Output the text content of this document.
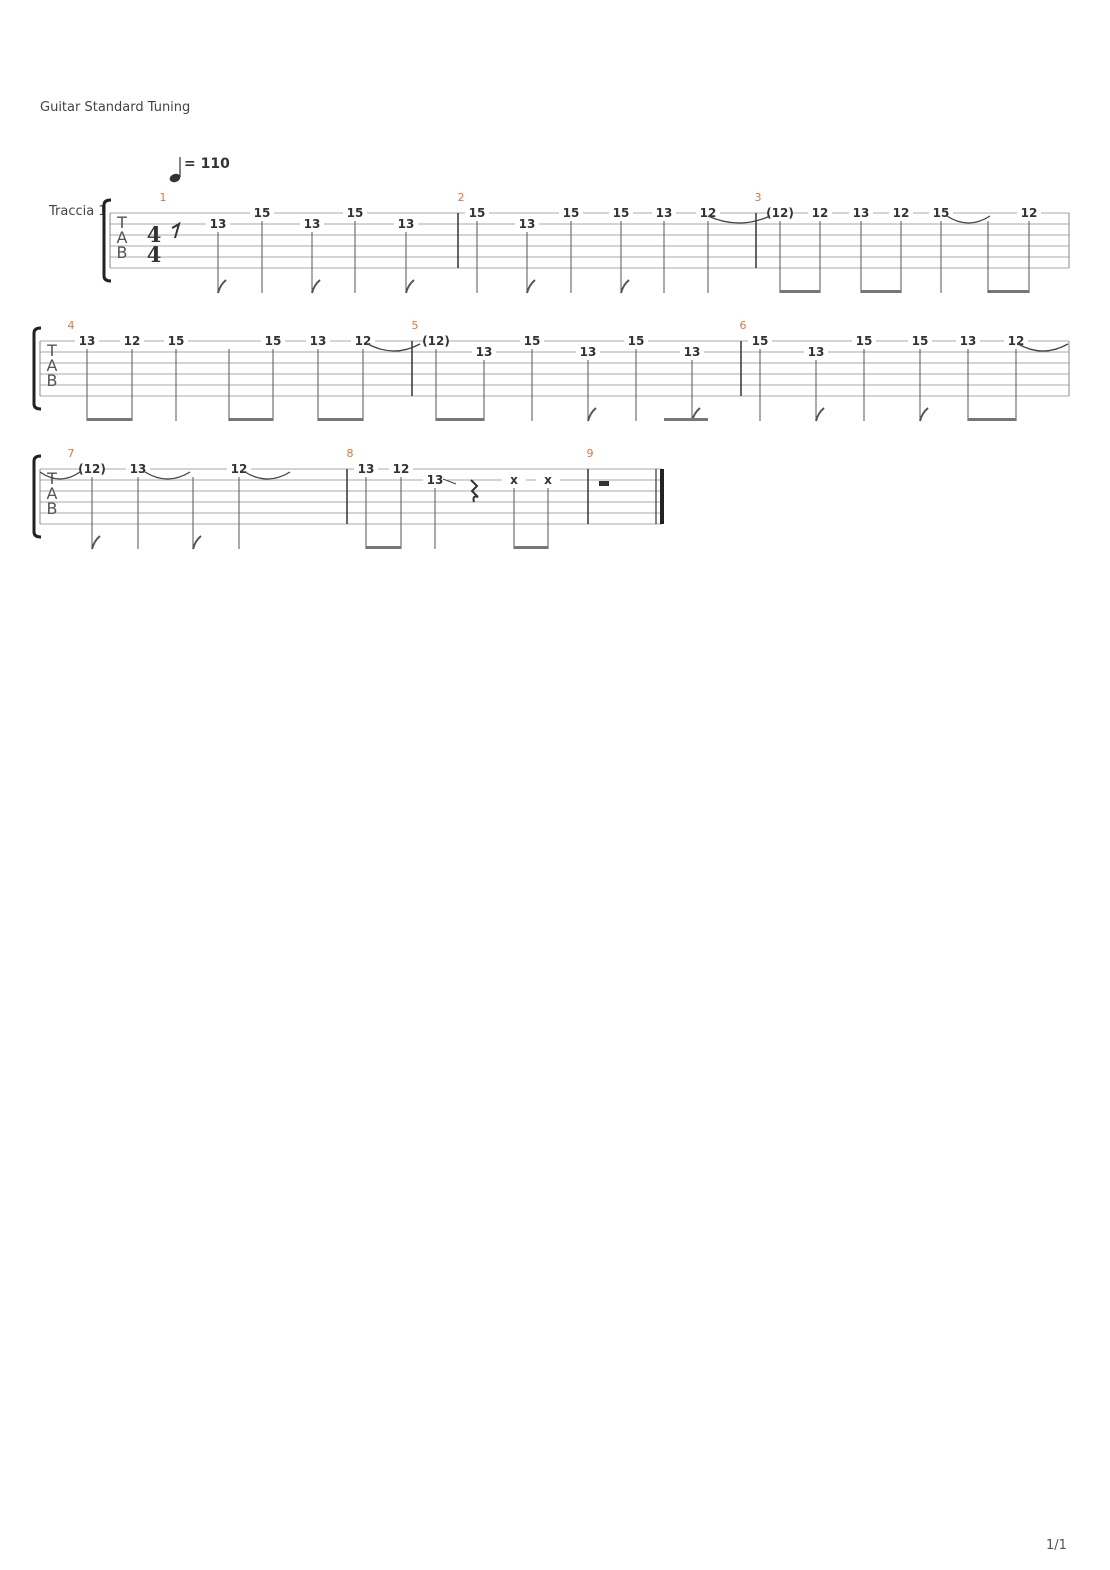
Guitar Standard Tuning
= 110
Traccia 1
1/1
T
A
B
4
4
1	2	3
13
15
13
15
13
15
13
15	15 13 12	(12) 12 13 12 15	12
T
A
B
4	5	6
13 12 15	15 13 12	(12)
13
15
13
15
13
15
13
15	15	13	12
T
A
B
7	8	9
(12) 13	12	13 12
13	x x
